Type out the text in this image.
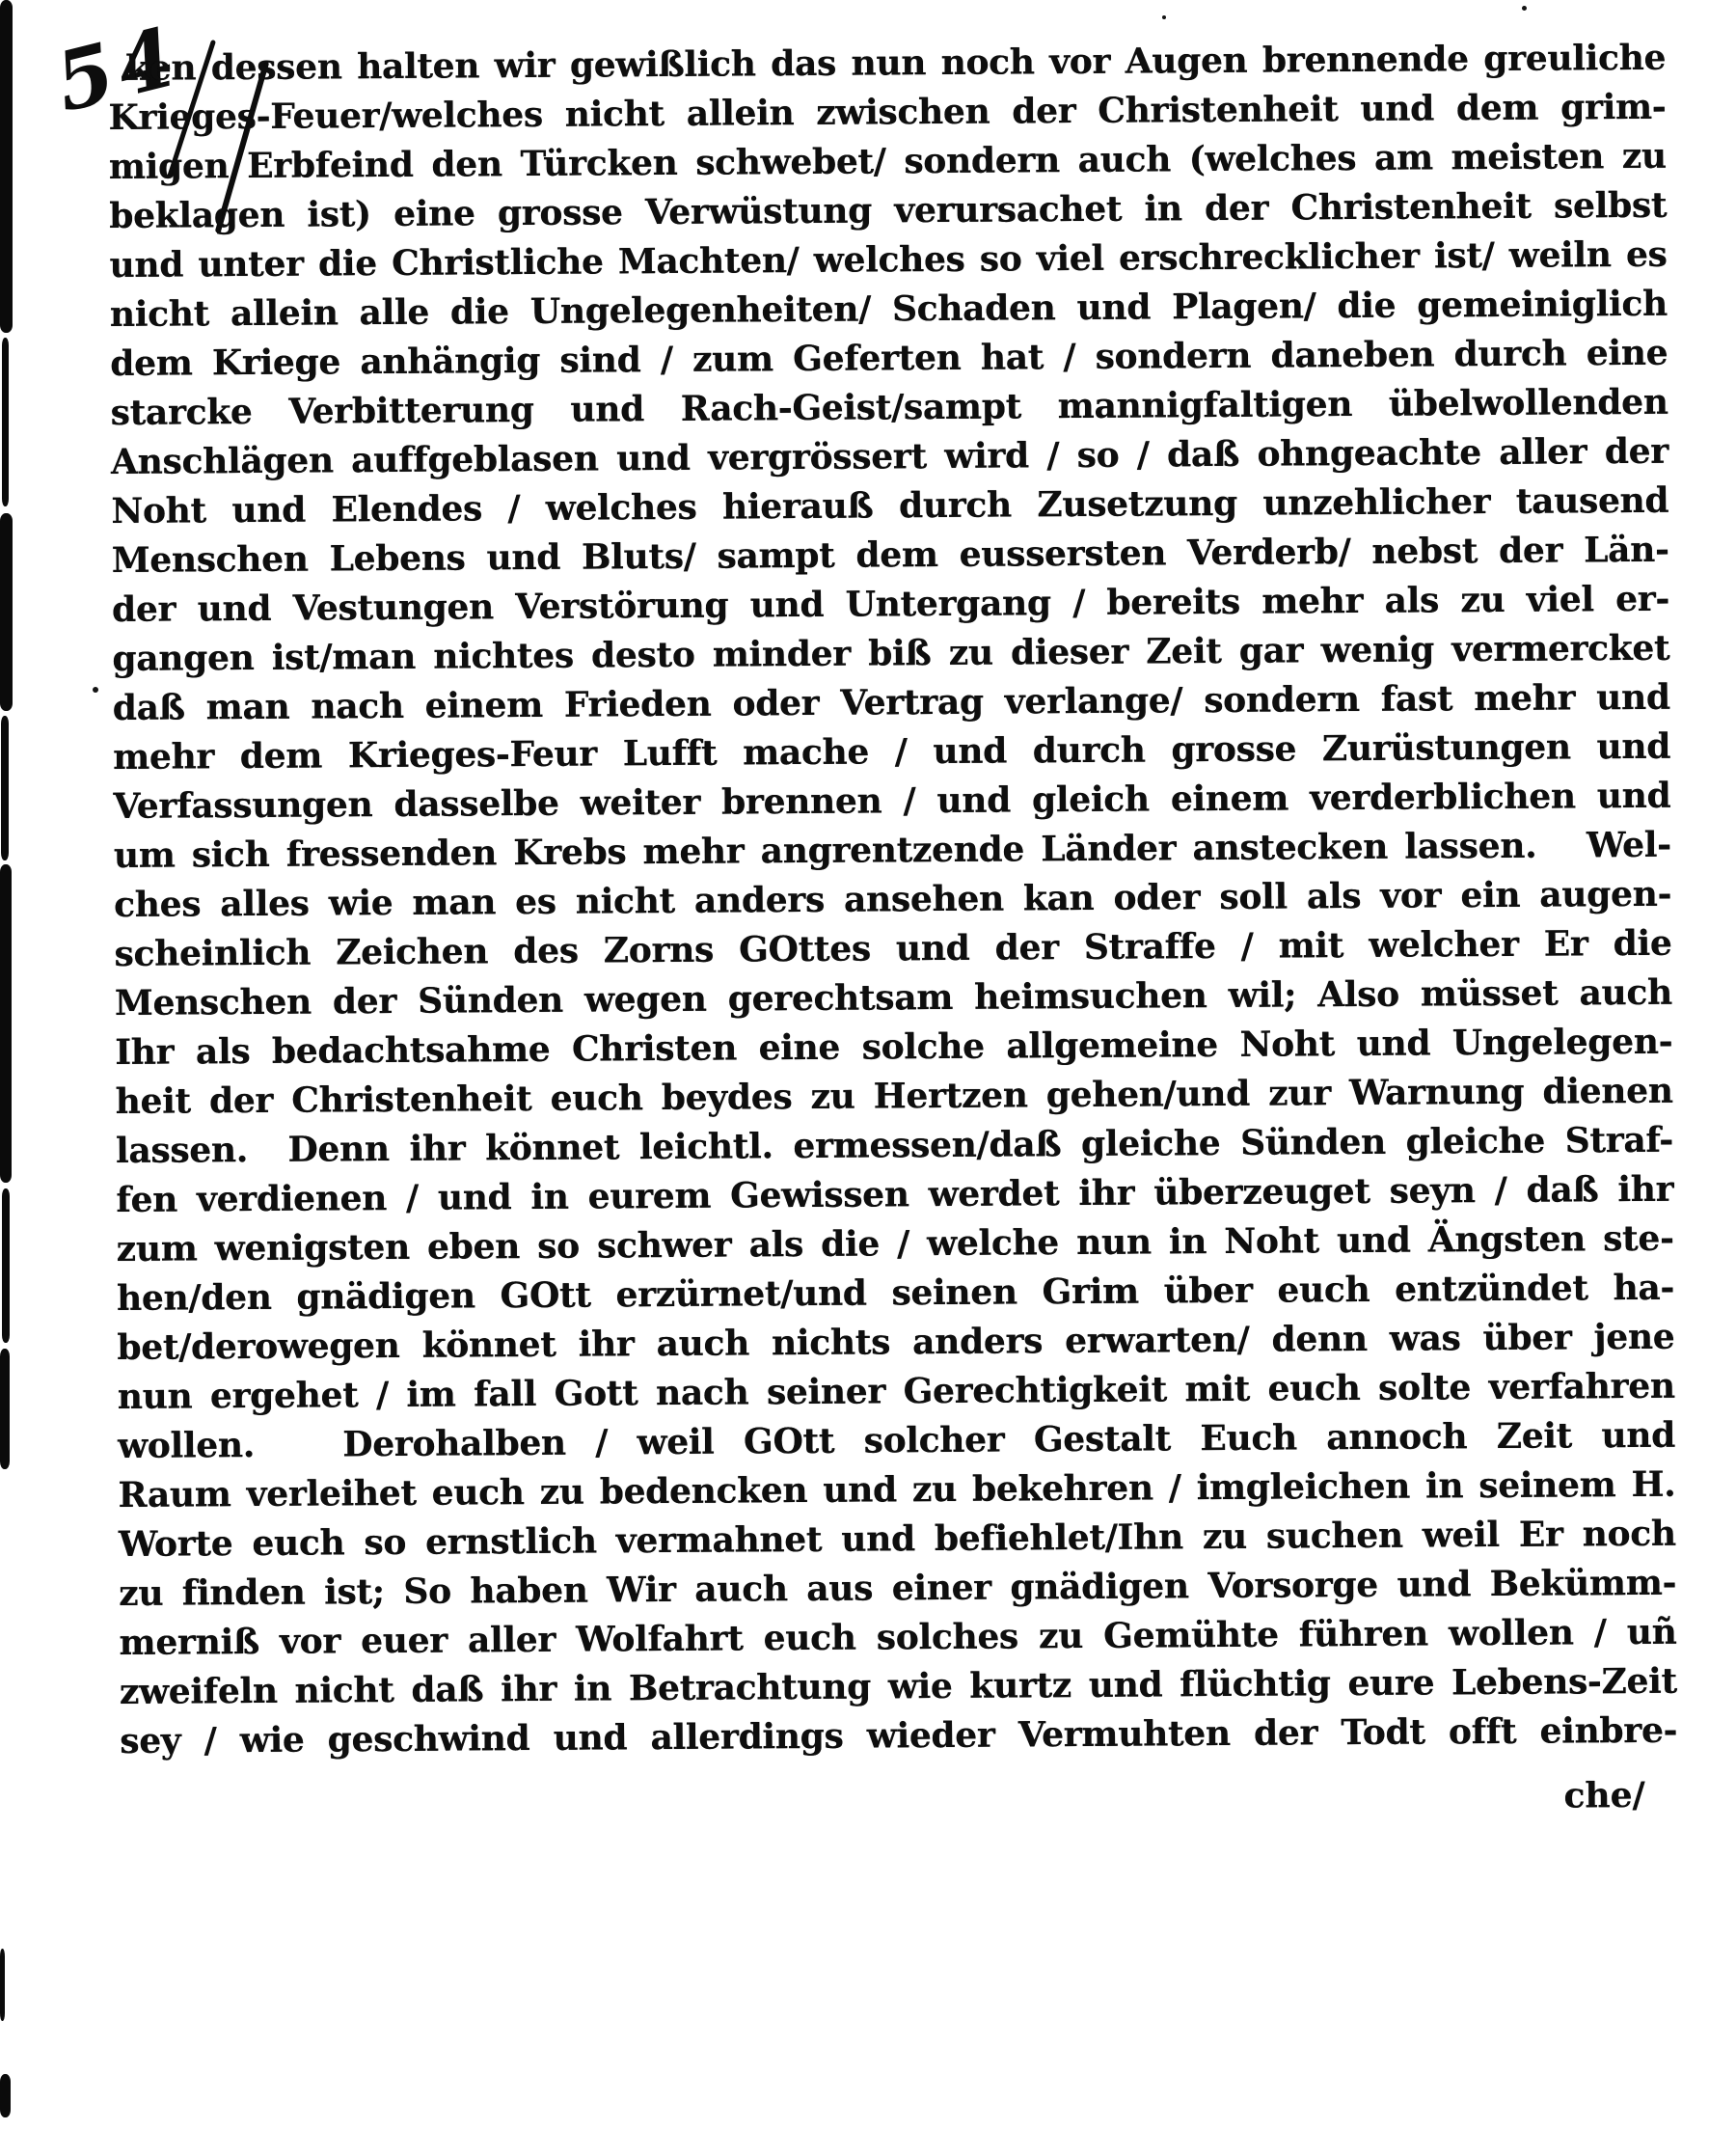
54
ken dessen halten wir gewißlich das nun noch vor Augen brennende greuliche
Krieges-Feuer/welches nicht allein zwischen der Christenheit und dem grim-
migen Erbfeind den Türcken schwebet/ sondern auch (welches am meisten zu
beklagen ist) eine grosse Verwüstung verursachet in der Christenheit selbst
und unter die Christliche Machten/ welches so viel erschrecklicher ist/ weiln es
nicht allein alle die Ungelegenheiten/ Schaden und Plagen/ die gemeiniglich
dem Kriege anhängig sind / zum Geferten hat / sondern daneben durch eine
starcke Verbitterung und Rach-Geist/sampt mannigfaltigen übelwollenden
Anschlägen auffgeblasen und vergrössert wird / so / daß ohngeachte aller der
Noht und Elendes / welches hierauß durch Zusetzung unzehlicher tausend
Menschen Lebens und Bluts/ sampt dem eussersten Verderb/ nebst der Län-
der und Vestungen Verstörung und Untergang / bereits mehr als zu viel er-
gangen ist/man nichtes desto minder biß zu dieser Zeit gar wenig vermercket
daß man nach einem Frieden oder Vertrag verlange/ sondern fast mehr und
mehr dem Krieges-Feur Lufft mache / und durch grosse Zurüstungen und
Verfassungen dasselbe weiter brennen / und gleich einem verderblichen und
um sich fressenden Krebs mehr angrentzende Länder anstecken lassen.   Wel-
ches alles wie man es nicht anders ansehen kan oder soll als vor ein augen-
scheinlich Zeichen des Zorns GOttes und der Straffe / mit welcher Er die
Menschen der Sünden wegen gerechtsam heimsuchen wil; Also müsset auch
Ihr als bedachtsahme Christen eine solche allgemeine Noht und Ungelegen-
heit der Christenheit euch beydes zu Hertzen gehen/und zur Warnung dienen
lassen.  Denn ihr könnet leichtl. ermessen/daß gleiche Sünden gleiche Straf-
fen verdienen / und in eurem Gewissen werdet ihr überzeuget seyn / daß ihr
zum wenigsten eben so schwer als die / welche nun in Noht und Ängsten ste-
hen/den gnädigen GOtt erzürnet/und seinen Grim über euch entzündet ha-
bet/derowegen könnet ihr auch nichts anders erwarten/ denn was über jene
nun ergehet / im fall Gott nach seiner Gerechtigkeit mit euch solte verfahren
wollen.   Derohalben / weil GOtt solcher Gestalt Euch annoch Zeit und
Raum verleihet euch zu bedencken und zu bekehren / imgleichen in seinem H.
Worte euch so ernstlich vermahnet und befiehlet/Ihn zu suchen weil Er noch
zu finden ist; So haben Wir auch aus einer gnädigen Vorsorge und Bekümm-
merniß vor euer aller Wolfahrt euch solches zu Gemühte führen wollen / uñ
zweifeln nicht daß ihr in Betrachtung wie kurtz und flüchtig eure Lebens-Zeit
sey / wie geschwind und allerdings wieder Vermuhten der Todt offt einbre-
che/
